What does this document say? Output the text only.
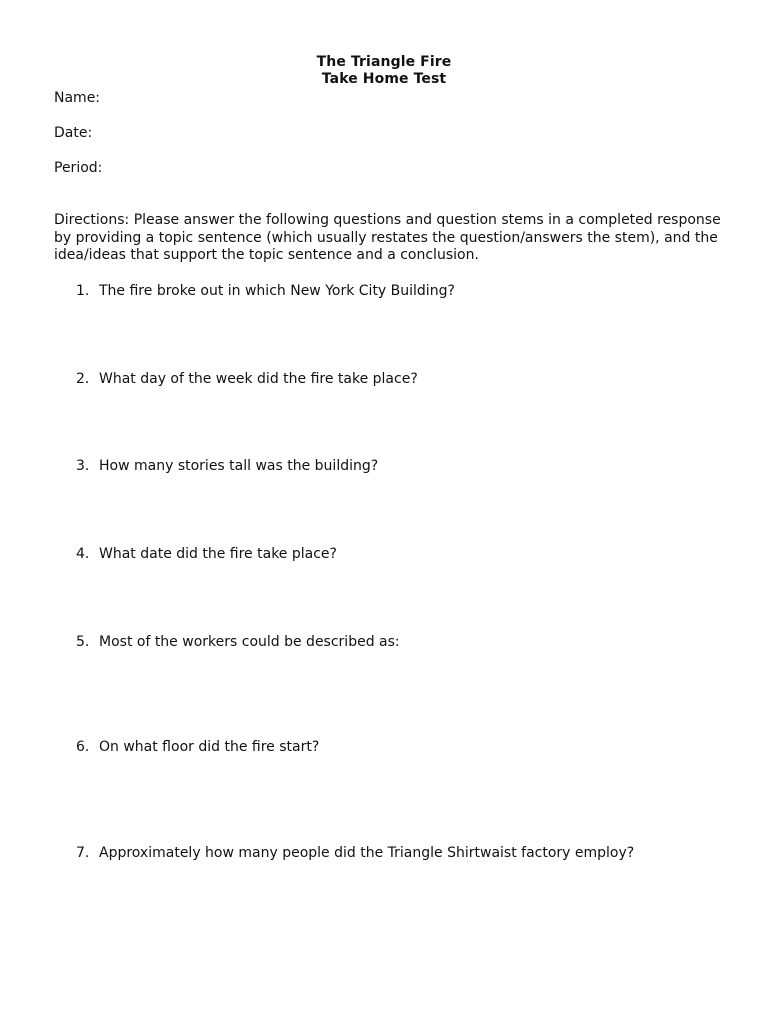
The Triangle Fire
Take Home Test
Name:
Date:
Period:
Directions: Please answer the following questions and question stems in a completed response by providing a topic sentence (which usually restates the question/answers the stem), and the idea/ideas that support the topic sentence and a conclusion.
1. The fire broke out in which New York City Building?
2. What day of the week did the fire take place?
3. How many stories tall was the building?
4. What date did the fire take place?
5. Most of the workers could be described as:
6. On what floor did the fire start?
7. Approximately how many people did the Triangle Shirtwaist factory employ?
